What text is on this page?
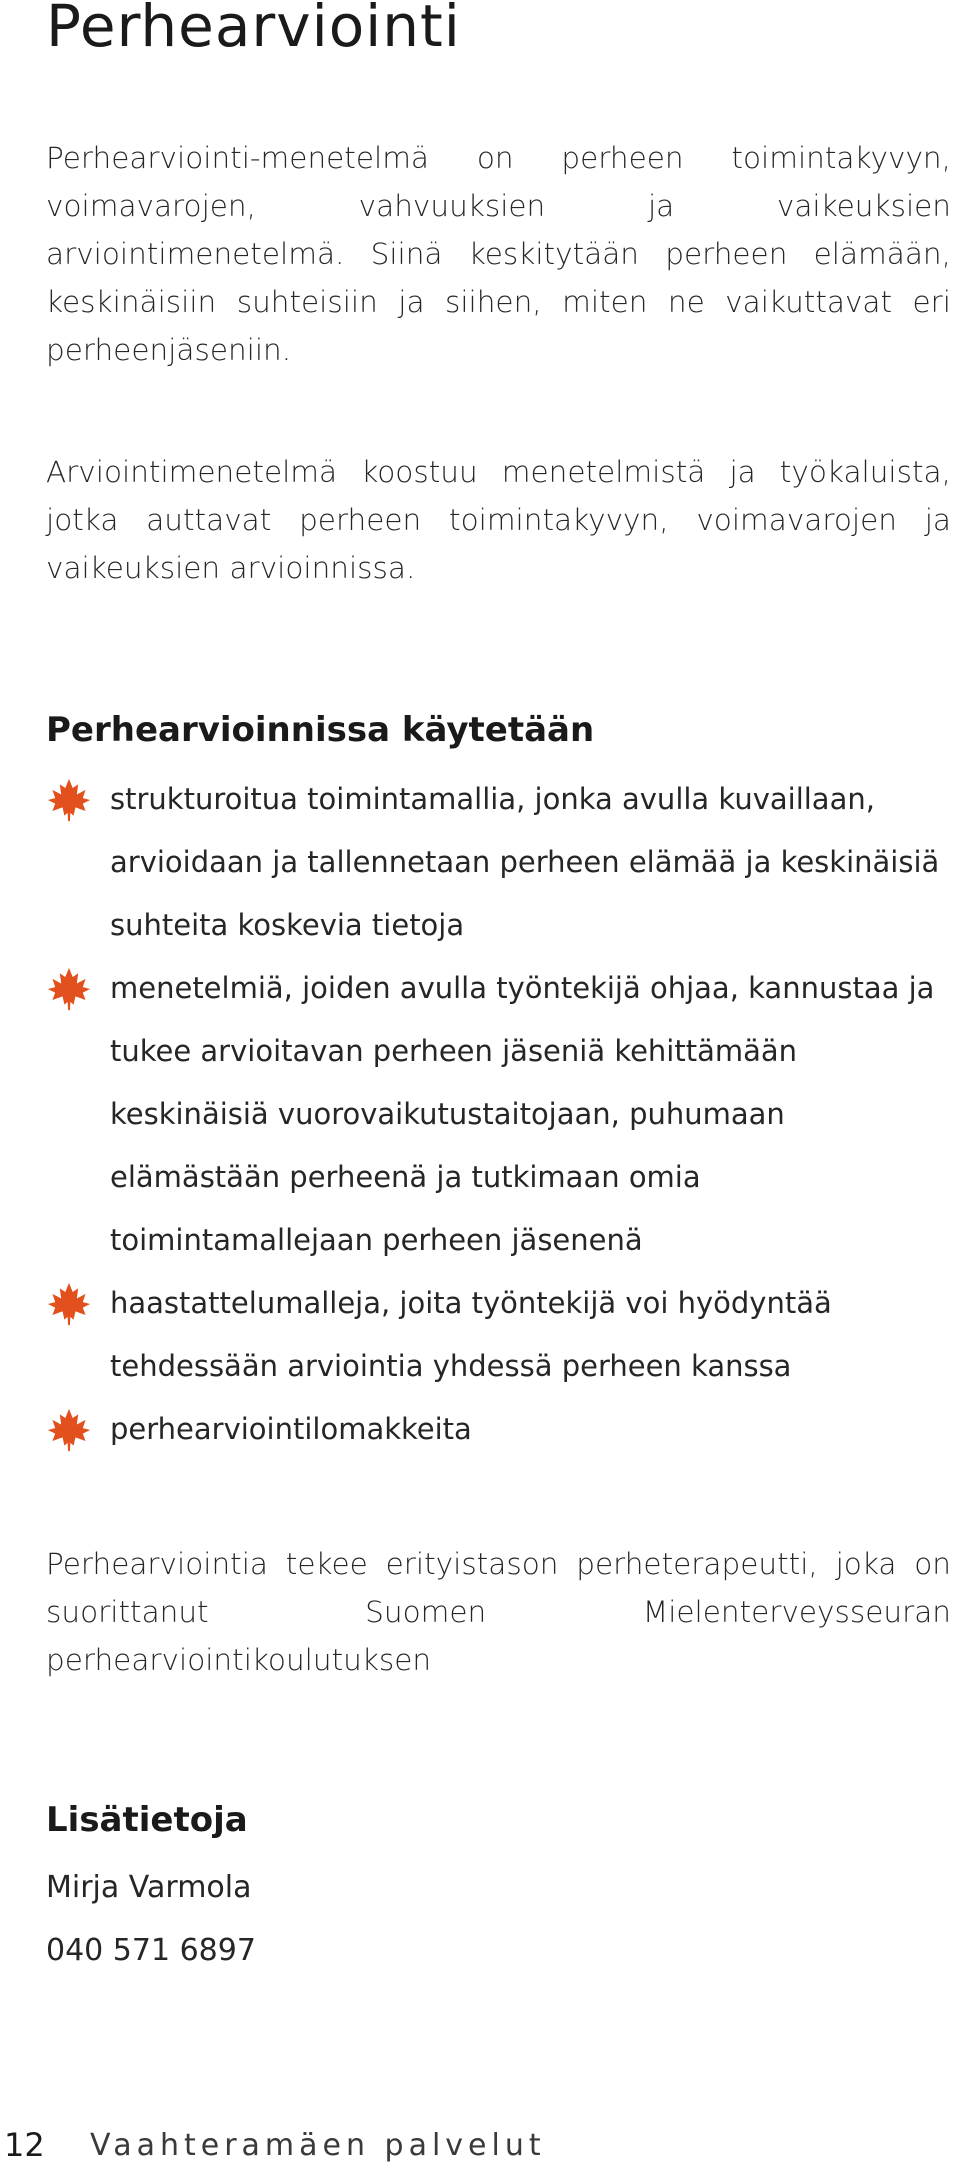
Perhearviointi

Perhearviointi-menetelmä on perheen toimintakyvyn, voimavarojen, vahvuuksien ja vaikeuksien arviointimenetelmä. Siinä keskitytään perheen elämään, keskinäisiin suhteisiin ja siihen, miten ne vaikuttavat eri perheenjäseniin.

Arviointimenetelmä koostuu menetelmistä ja työkaluista, jotka auttavat perheen toimintakyvyn, voimavarojen ja vaikeuksien arvioinnissa.

Perhearvioinnissa käytetään
strukturoitua toimintamallia, jonka avulla kuvaillaan, arvioidaan ja tallennetaan perheen elämää ja keskinäisiä suhteita koskevia tietoja
menetelmiä, joiden avulla työntekijä ohjaa, kannustaa ja tukee arvioitavan perheen jäseniä kehittämään keskinäisiä vuorovaikutustaitojaan, puhumaan elämästään perheenä ja tutkimaan omia toimintamallejaan perheen jäsenenä
haastattelumalleja, joita työntekijä voi hyödyntää tehdessään arviointia yhdessä perheen kanssa
perhearviointilomakkeita

Perhearviointia tekee erityistason perheterapeutti, joka on suorittanut Suomen Mielenterveysseuran perhearviointikoulutuksen

Lisätietoja
Mirja Varmola
040 571 6897
12 Vaahteramäen palvelut
